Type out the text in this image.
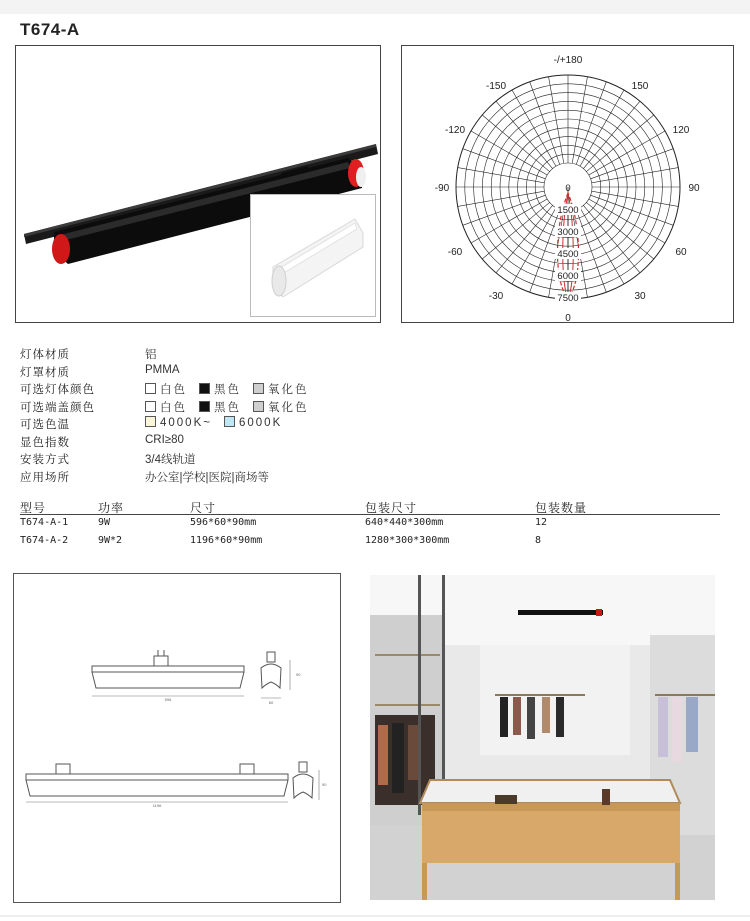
T674-A
-/+180
-150	150
-120	120
-90	90
-60	60
-30	30
0
0
1500
3000
4500
6000
7500
灯体材质	铝
灯罩材质	PMMA
可选灯体颜色	白色 黑色 氧化色
可选端盖颜色	白色 黑色 氧化色
可选色温	4000K~ 6000K
显色指数	CRI≥80
安装方式	3/4线轨道
应用场所	办公室|学校|医院|商场等
型号	功率	尺寸	包装尺寸	包装数量
T674-A-1	9W	596*60*90mm	640*440*300mm	12
T674-A-2	9W*2	1196*60*90mm	1280*300*300mm	8
596
90
60
1196
90
